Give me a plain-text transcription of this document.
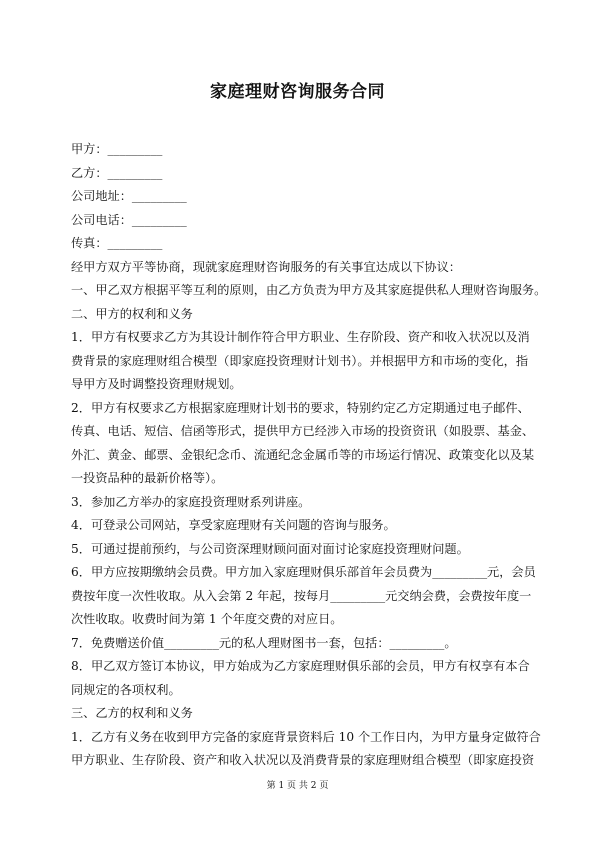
家庭理财咨询服务合同
甲方：_________
乙方：_________
公司地址：_________
公司电话：_________
传真：_________
经甲方双方平等协商，现就家庭理财咨询服务的有关事宜达成以下协议：
一、甲乙双方根据平等互利的原则，由乙方负责为甲方及其家庭提供私人理财咨询服务。
二、甲方的权利和义务
1．甲方有权要求乙方为其设计制作符合甲方职业、生存阶段、资产和收入状况以及消
费背景的家庭理财组合模型（即家庭投资理财计划书）。并根据甲方和市场的变化，指
导甲方及时调整投资理财规划。
2．甲方有权要求乙方根据家庭理财计划书的要求，特别约定乙方定期通过电子邮件、
传真、电话、短信、信函等形式，提供甲方已经涉入市场的投资资讯（如股票、基金、
外汇、黄金、邮票、金银纪念币、流通纪念金属币等的市场运行情况、政策变化以及某
一投资品种的最新价格等）。
3．参加乙方举办的家庭投资理财系列讲座。
4．可登录公司网站，享受家庭理财有关问题的咨询与服务。
5．可通过提前预约，与公司资深理财顾问面对面讨论家庭投资理财问题。
6．甲方应按期缴纳会员费。甲方加入家庭理财俱乐部首年会员费为_________元，会员
费按年度一次性收取。从入会第 2 年起，按每月_________元交纳会费，会费按年度一
次性收取。收费时间为第 1 个年度交费的对应日。
7．免费赠送价值_________元的私人理财图书一套，包括：_________。
8．甲乙双方签订本协议，甲方始成为乙方家庭理财俱乐部的会员，甲方有权享有本合
同规定的各项权利。
三、乙方的权利和义务
1．乙方有义务在收到甲方完备的家庭背景资料后 10 个工作日内，为甲方量身定做符合
甲方职业、生存阶段、资产和收入状况以及消费背景的家庭理财组合模型（即家庭投资
第 1 页 共 2 页
